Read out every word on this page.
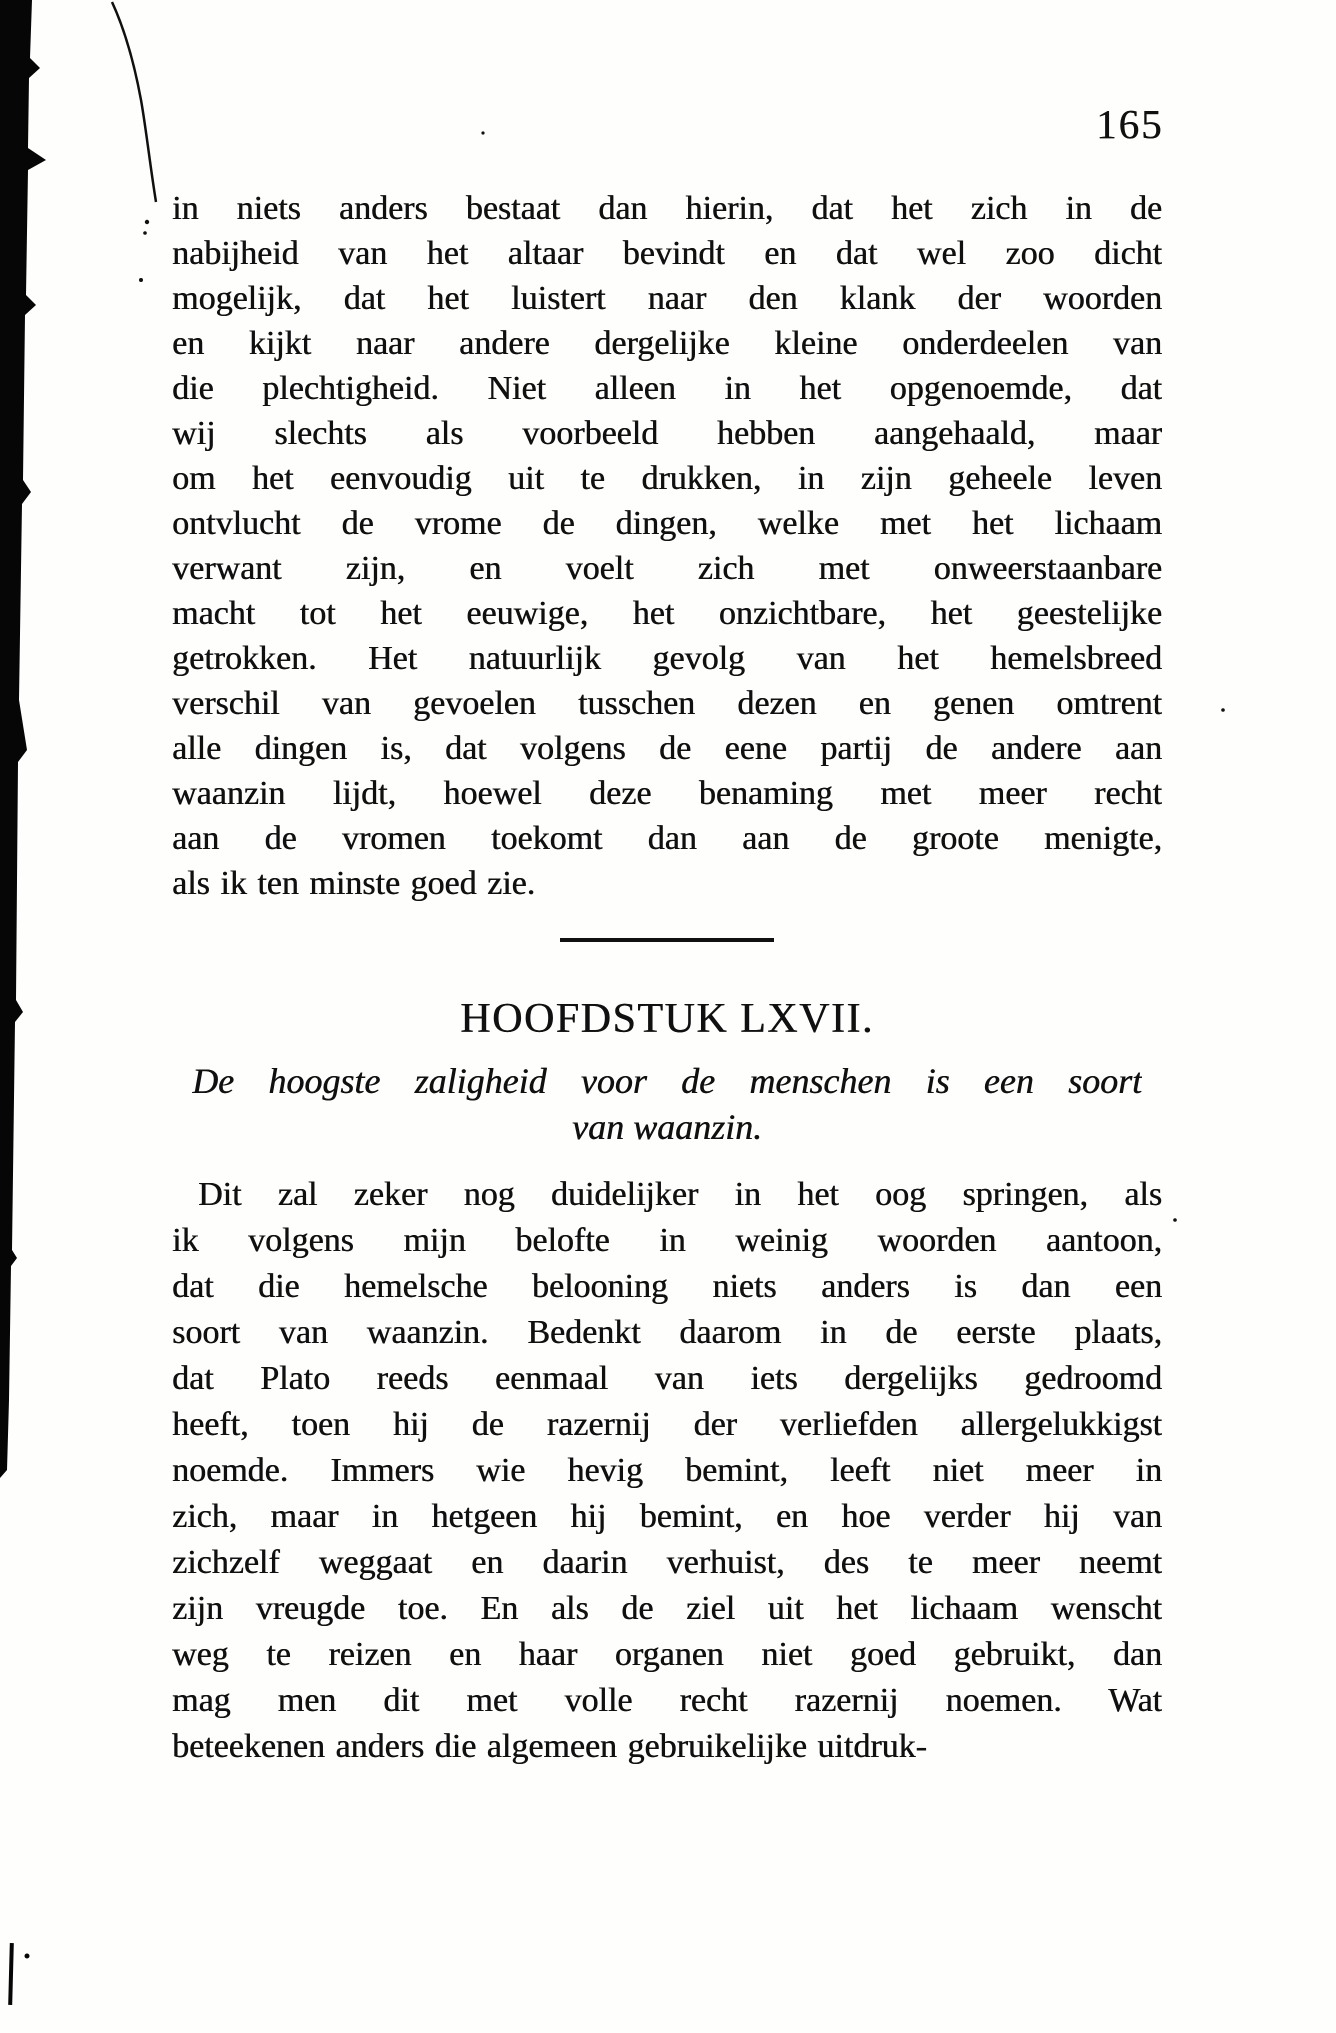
165
in niets anders bestaat dan hierin, dat het zich in de
nabijheid van het altaar bevindt en dat wel zoo dicht
mogelijk, dat het luistert naar den klank der woorden
en kijkt naar andere dergelijke kleine onderdeelen van
die plechtigheid. Niet alleen in het opgenoemde, dat
wij slechts als voorbeeld hebben aangehaald, maar
om het eenvoudig uit te drukken, in zijn geheele leven
ontvlucht de vrome de dingen, welke met het lichaam
verwant zijn, en voelt zich met onweerstaanbare
macht tot het eeuwige, het onzichtbare, het geestelijke
getrokken. Het natuurlijk gevolg van het hemelsbreed
verschil van gevoelen tusschen dezen en genen omtrent
alle dingen is, dat volgens de eene partij de andere aan
waanzin lijdt, hoewel deze benaming met meer recht
aan de vromen toekomt dan aan de groote menigte,
als ik ten minste goed zie.
HOOFDSTUK LXVII.
De hoogste zaligheid voor de menschen is een soort
van waanzin.
Dit zal zeker nog duidelijker in het oog springen, als
ik volgens mijn belofte in weinig woorden aantoon,
dat die hemelsche belooning niets anders is dan een
soort van waanzin. Bedenkt daarom in de eerste plaats,
dat Plato reeds eenmaal van iets dergelijks gedroomd
heeft, toen hij de razernij der verliefden allergelukkigst
noemde. Immers wie hevig bemint, leeft niet meer in
zich, maar in hetgeen hij bemint, en hoe verder hij van
zichzelf weggaat en daarin verhuist, des te meer neemt
zijn vreugde toe. En als de ziel uit het lichaam wenscht
weg te reizen en haar organen niet goed gebruikt, dan
mag men dit met volle recht razernij noemen. Wat
beteekenen anders die algemeen gebruikelijke uitdruk-
